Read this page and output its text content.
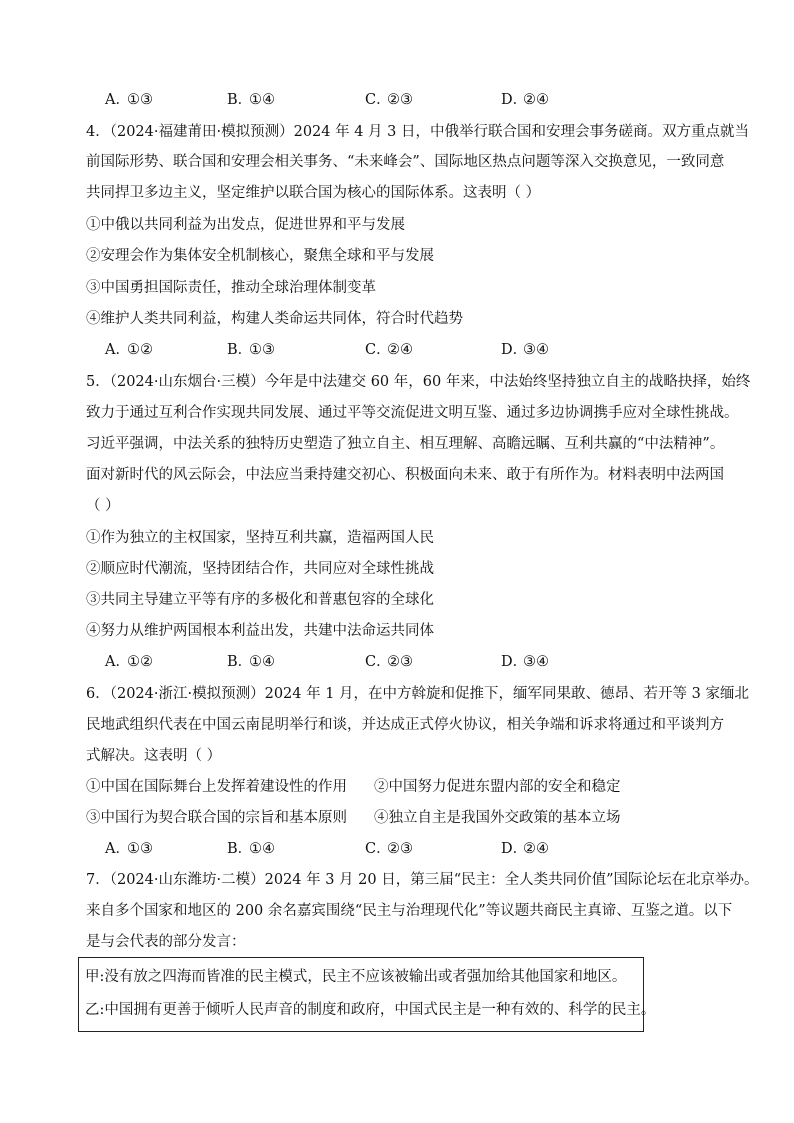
A．①③	B．①④	C．②③	D．②④
4．（2024·福建莆田·模拟预测）2024 年 4 月 3 日，中俄举行联合国和安理会事务磋商。双方重点就当
前国际形势、联合国和安理会相关事务、“未来峰会”、国际地区热点问题等深入交换意见，一致同意
共同捍卫多边主义，坚定维护以联合国为核心的国际体系。这表明（ ）
①中俄以共同利益为出发点，促进世界和平与发展
②安理会作为集体安全机制核心，聚焦全球和平与发展
③中国勇担国际责任，推动全球治理体制变革
④维护人类共同利益，构建人类命运共同体，符合时代趋势
A．①②	B．①③	C．②④	D．③④
5．（2024·山东烟台·三模）今年是中法建交 60 年，60 年来，中法始终坚持独立自主的战略抉择，始终
致力于通过互利合作实现共同发展、通过平等交流促进文明互鉴、通过多边协调携手应对全球性挑战。
习近平强调，中法关系的独特历史塑造了独立自主、相互理解、高瞻远瞩、互利共赢的“中法精神”。
面对新时代的风云际会，中法应当秉持建交初心、积极面向未来、敢于有所作为。材料表明中法两国
（ ）
①作为独立的主权国家，坚持互利共赢，造福两国人民
②顺应时代潮流，坚持团结合作，共同应对全球性挑战
③共同主导建立平等有序的多极化和普惠包容的全球化
④努力从维护两国根本利益出发，共建中法命运共同体
A．①②	B．①④	C．②③	D．③④
6．（2024·浙江·模拟预测）2024 年 1 月，在中方斡旋和促推下，缅军同果敢、德昂、若开等 3 家缅北
民地武组织代表在中国云南昆明举行和谈，并达成正式停火协议，相关争端和诉求将通过和平谈判方
式解决。这表明（ ）
①中国在国际舞台上发挥着建设性的作用 ②中国努力促进东盟内部的安全和稳定
③中国行为契合联合国的宗旨和基本原则 ④独立自主是我国外交政策的基本立场
A．①③	B．①④	C．②③	D．②④
7．（2024·山东潍坊·二模）2024 年 3 月 20 日，第三届“民主：全人类共同价值”国际论坛在北京举办。
来自多个国家和地区的 200 余名嘉宾围绕“民主与治理现代化”等议题共商民主真谛、互鉴之道。以下
是与会代表的部分发言：
甲:没有放之四海而皆准的民主模式，民主不应该被输出或者强加给其他国家和地区。
乙:中国拥有更善于倾听人民声音的制度和政府，中国式民主是一种有效的、科学的民主。
